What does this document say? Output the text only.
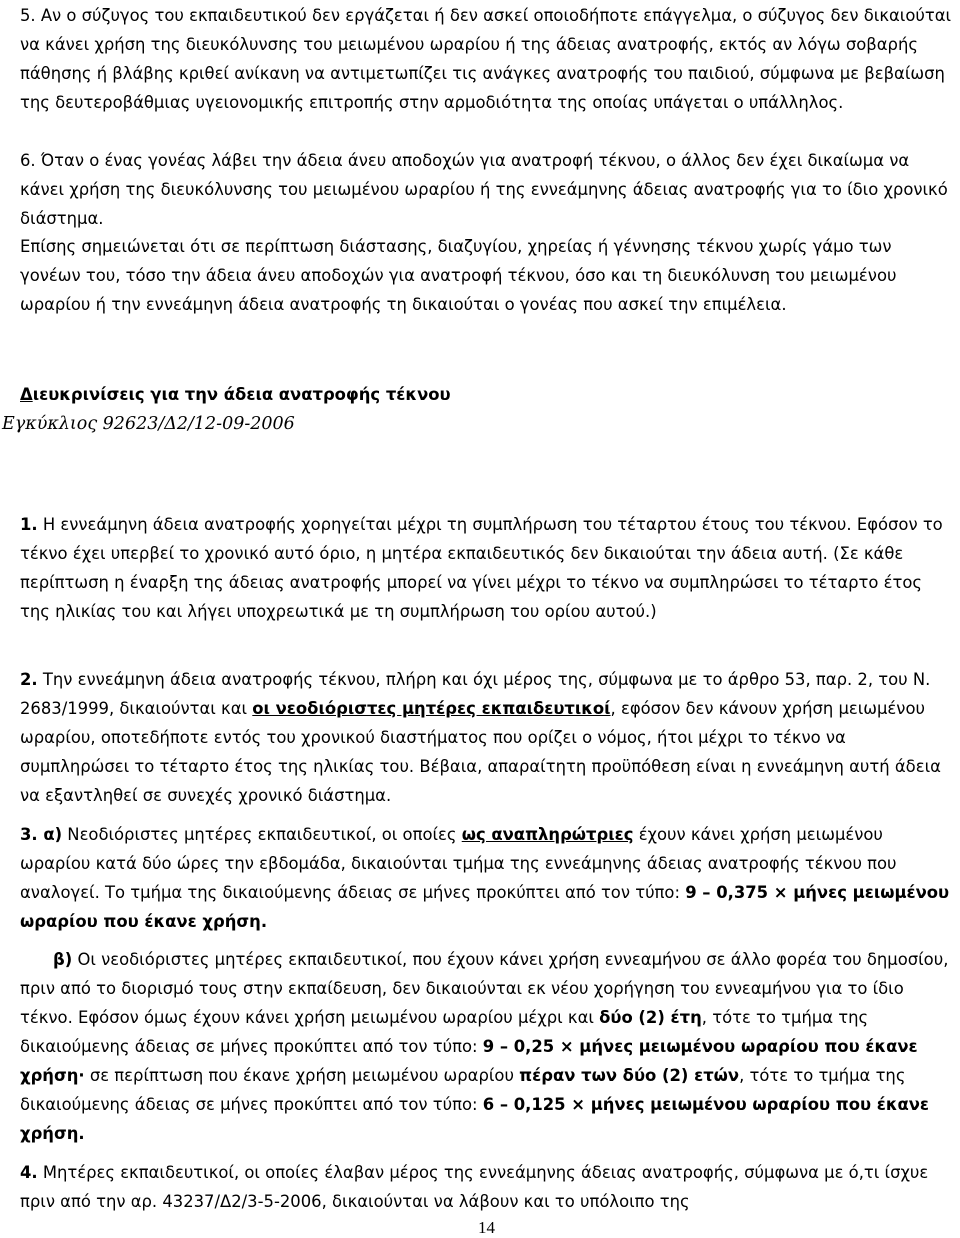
5. Αν ο σύζυγος του εκπαιδευτικού δεν εργάζεται ή δεν ασκεί οποιοδήποτε επάγγελμα, ο σύζυγος δεν δικαιούται να κάνει χρήση της διευκόλυνσης του μειωμένου ωραρίου ή της άδειας ανατροφής, εκτός αν λόγω σοβαρής πάθησης ή βλάβης κριθεί ανίκανη να αντιμετωπίζει τις ανάγκες ανατροφής του παιδιού, σύμφωνα με βεβαίωση της δευτεροβάθμιας υγειονομικής επιτροπής στην αρμοδιότητα της οποίας υπάγεται ο υπάλληλος.

6. Όταν ο ένας γονέας λάβει την άδεια άνευ αποδοχών για ανατροφή τέκνου, ο άλλος δεν έχει δικαίωμα να κάνει χρήση της διευκόλυνσης του μειωμένου ωραρίου ή της εννεάμηνης άδειας ανατροφής για το ίδιο χρονικό διάστημα.

Επίσης σημειώνεται ότι σε περίπτωση διάστασης, διαζυγίου, χηρείας ή γέννησης τέκνου χωρίς γάμο των γονέων του, τόσο την άδεια άνευ αποδοχών για ανατροφή τέκνου, όσο και τη διευκόλυνση του μειωμένου ωραρίου ή την εννεάμηνη άδεια ανατροφής τη δικαιούται ο γονέας που ασκεί την επιμέλεια.

Διευκρινίσεις για την άδεια ανατροφής τέκνου
Εγκύκλιος 92623/Δ2/12-09-2006

1. Η εννεάμηνη άδεια ανατροφής χορηγείται μέχρι τη συμπλήρωση του τέταρτου έτους του τέκνου. Εφόσον το τέκνο έχει υπερβεί το χρονικό αυτό όριο, η μητέρα εκπαιδευτικός δεν δικαιούται την άδεια αυτή. (Σε κάθε περίπτωση η έναρξη της άδειας ανατροφής μπορεί να γίνει μέχρι το τέκνο να συμπληρώσει το τέταρτο έτος της ηλικίας του και λήγει υποχρεωτικά με τη συμπλήρωση του ορίου αυτού.)

2. Την εννεάμηνη άδεια ανατροφής τέκνου, πλήρη και όχι μέρος της, σύμφωνα με το άρθρο 53, παρ. 2, του Ν. 2683/1999, δικαιούνται και οι νεοδιόριστες μητέρες εκπαιδευτικοί, εφόσον δεν κάνουν χρήση μειωμένου ωραρίου, οποτεδήποτε εντός του χρονικού διαστήματος που ορίζει ο νόμος, ήτοι μέχρι το τέκνο να συμπληρώσει το τέταρτο έτος της ηλικίας του. Βέβαια, απαραίτητη προϋπόθεση είναι η εννεάμηνη αυτή άδεια να εξαντληθεί σε συνεχές χρονικό διάστημα.

3. α) Νεοδιόριστες μητέρες εκπαιδευτικοί, οι οποίες ως αναπληρώτριες έχουν κάνει χρήση μειωμένου ωραρίου κατά δύο ώρες την εβδομάδα, δικαιούνται τμήμα της εννεάμηνης άδειας ανατροφής τέκνου που αναλογεί. Το τμήμα της δικαιούμενης άδειας σε μήνες προκύπτει από τον τύπο: 9 – 0,375 × μήνες μειωμένου ωραρίου που έκανε χρήση.

β) Οι νεοδιόριστες μητέρες εκπαιδευτικοί, που έχουν κάνει χρήση εννεαμήνου σε άλλο φορέα του δημοσίου, πριν από το διορισμό τους στην εκπαίδευση, δεν δικαιούνται εκ νέου χορήγηση του εννεαμήνου για το ίδιο τέκνο. Εφόσον όμως έχουν κάνει χρήση μειωμένου ωραρίου μέχρι και δύο (2) έτη, τότε το τμήμα της δικαιούμενης άδειας σε μήνες προκύπτει από τον τύπο: 9 – 0,25 × μήνες μειωμένου ωραρίου που έκανε χρήση· σε περίπτωση που έκανε χρήση μειωμένου ωραρίου πέραν των δύο (2) ετών, τότε το τμήμα της δικαιούμενης άδειας σε μήνες προκύπτει από τον τύπο: 6 – 0,125 × μήνες μειωμένου ωραρίου που έκανε χρήση.

4. Μητέρες εκπαιδευτικοί, οι οποίες έλαβαν μέρος της εννεάμηνης άδειας ανατροφής, σύμφωνα με ό,τι ίσχυε πριν από την αρ. 43237/Δ2/3-5-2006, δικαιούνται να λάβουν και το υπόλοιπο της

14
